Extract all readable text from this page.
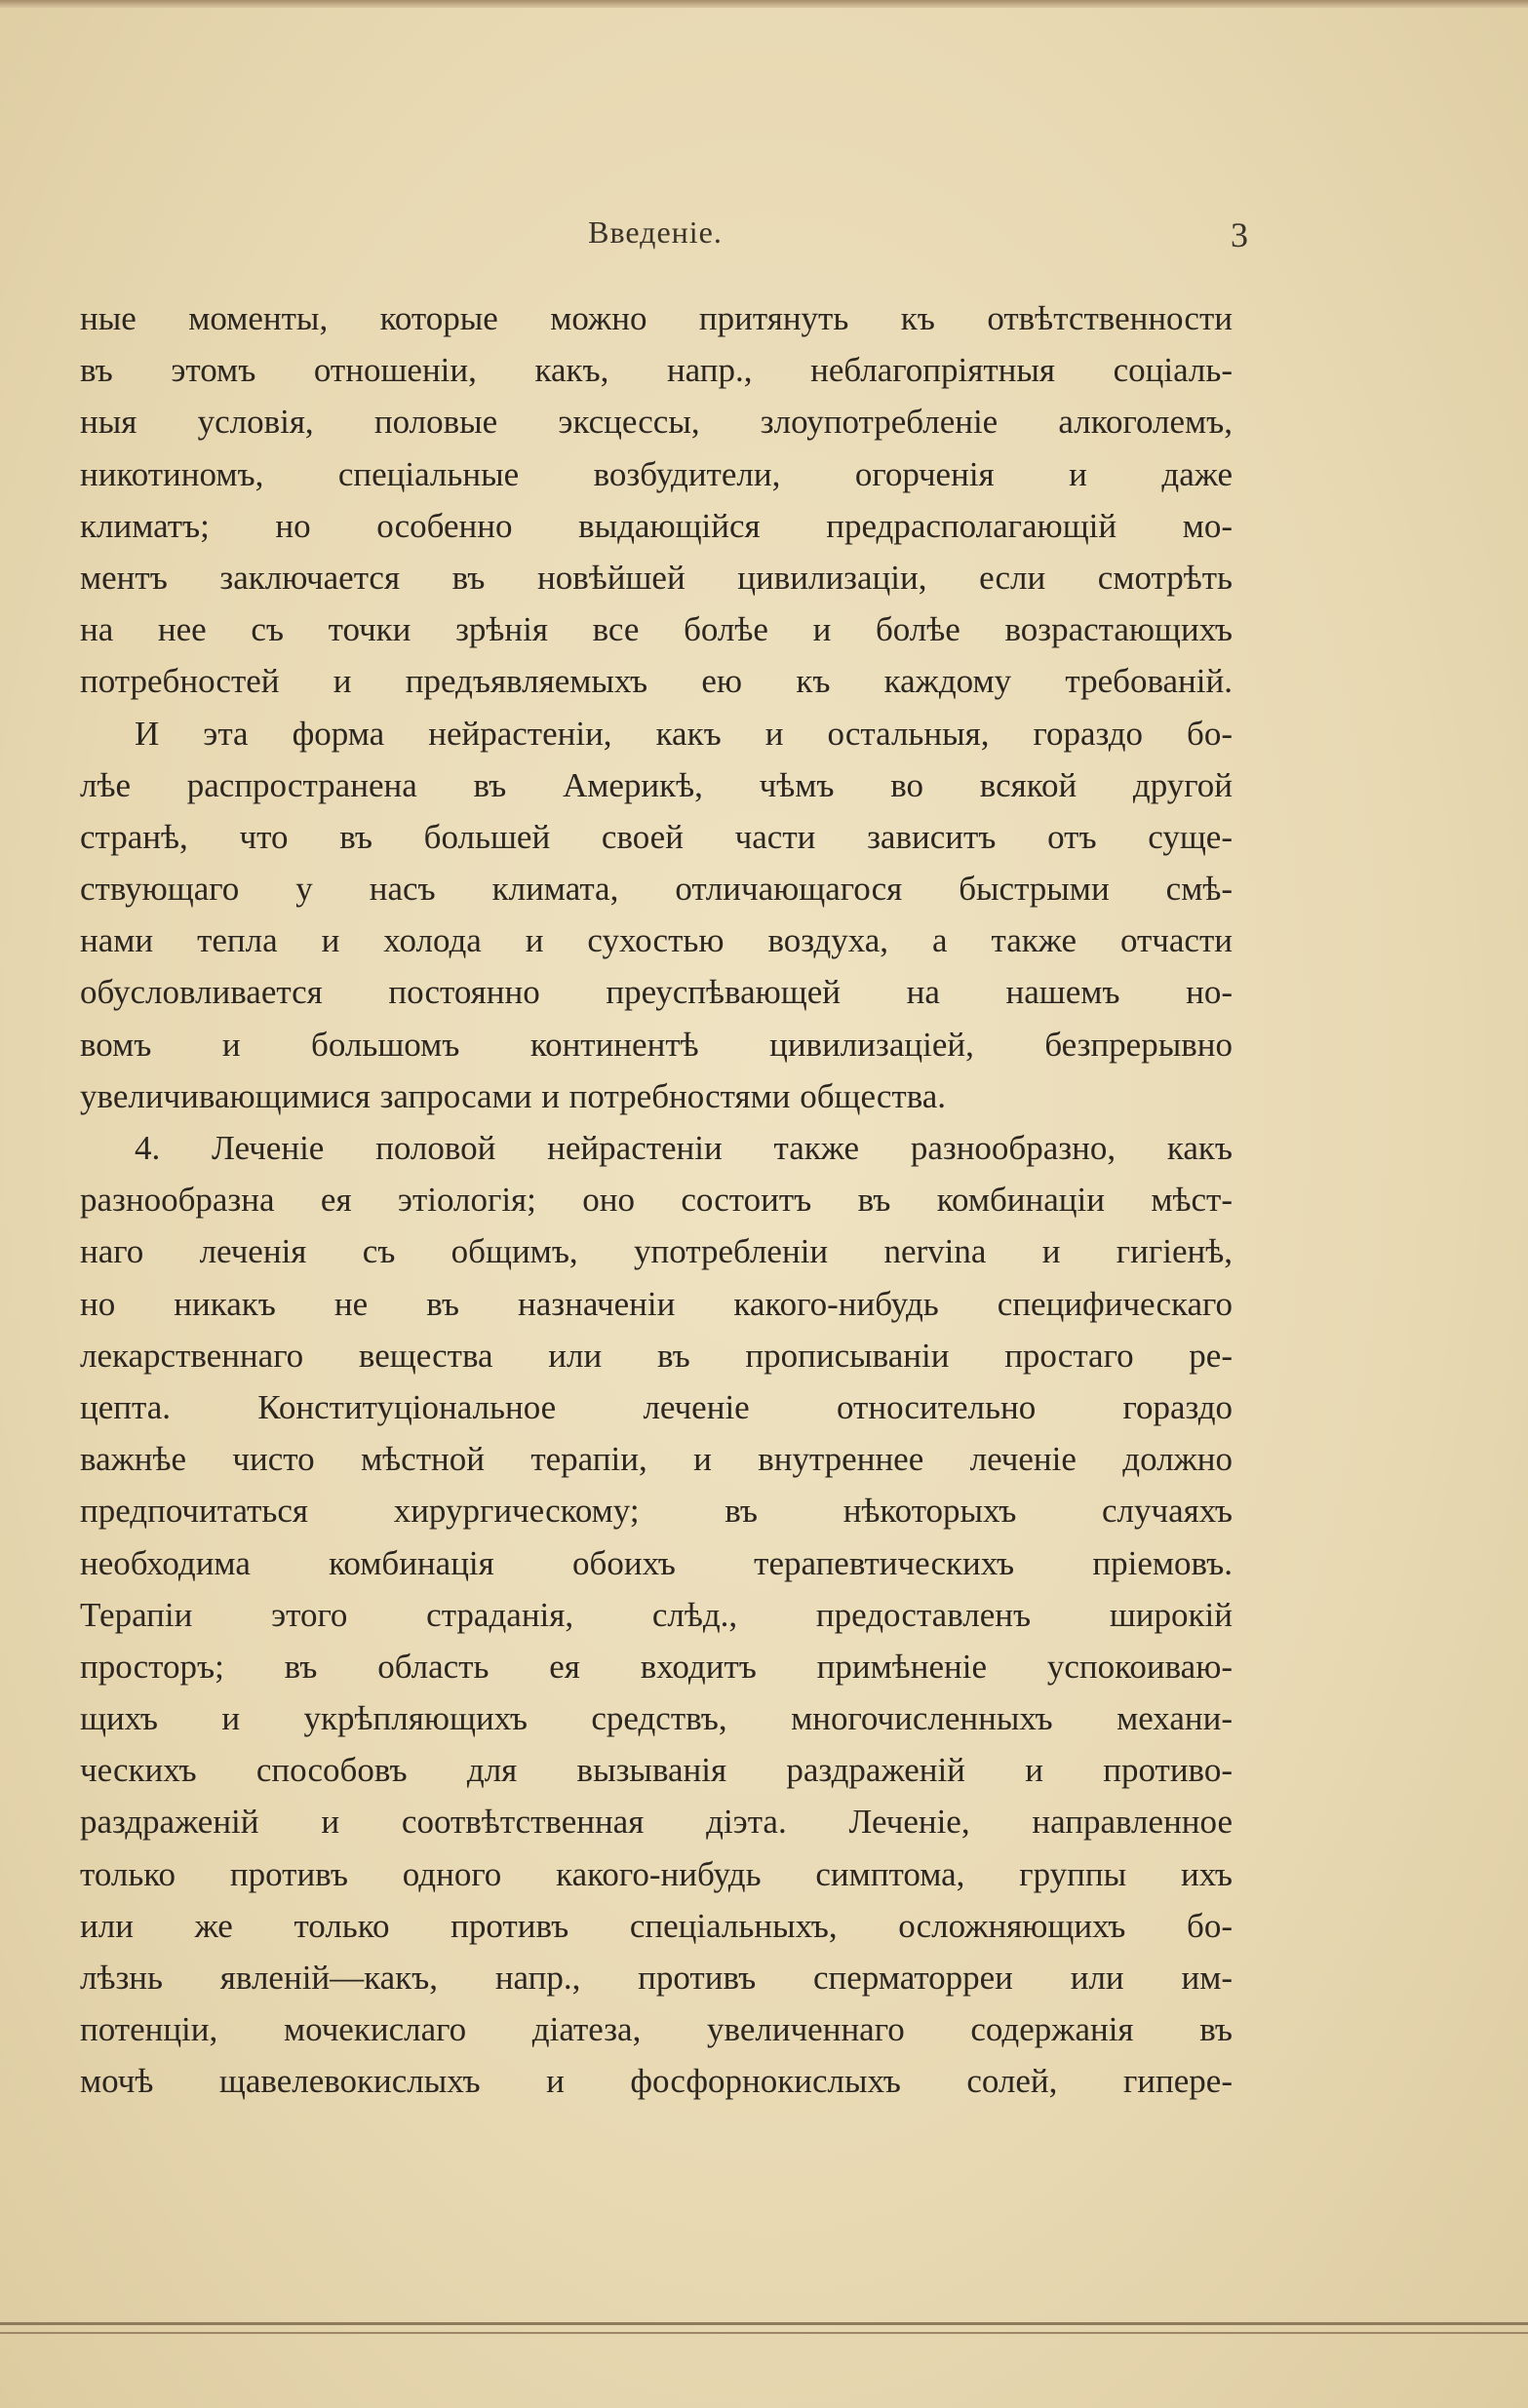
Введеніе.	3
ные моменты, которые можно притянуть къ отвѣтственности
въ этомъ отношеніи, какъ, напр., неблагопріятныя соціаль-
ныя условія, половые эксцессы, злоупотребленіе алкоголемъ,
никотиномъ, спеціальные возбудители, огорченія и даже
климатъ; но особенно выдающійся предрасполагающій мо-
ментъ заключается въ новѣйшей цивилизаціи, если смотрѣть
на нее съ точки зрѣнія все болѣе и болѣе возрастающихъ
потребностей и предъявляемыхъ ею къ каждому требованій.
И эта форма нейрастеніи, какъ и остальныя, гораздо бо-
лѣе распространена въ Америкѣ, чѣмъ во всякой другой
странѣ, что въ большей своей части зависитъ отъ суще-
ствующаго у насъ климата, отличающагося быстрыми смѣ-
нами тепла и холода и сухостью воздуха, а также отчасти
обусловливается постоянно преуспѣвающей на нашемъ но-
вомъ и большомъ континентѣ цивилизаціей, безпрерывно
увеличивающимися запросами и потребностями общества.
4. Леченіе половой нейрастеніи также разнообразно, какъ
разнообразна ея этіологія; оно состоитъ въ комбинаціи мѣст-
наго леченія съ общимъ, употребленіи nervina и гигіенѣ,
но никакъ не въ назначеніи какого-нибудь специфическаго
лекарственнаго вещества или въ прописываніи простаго ре-
цепта. Конституціональное леченіе относительно гораздо
важнѣе чисто мѣстной терапіи, и внутреннее леченіе должно
предпочитаться хирургическому; въ нѣкоторыхъ случаяхъ
необходима комбинація обоихъ терапевтическихъ пріемовъ.
Терапіи этого страданія, слѣд., предоставленъ широкій
просторъ; въ область ея входитъ примѣненіе успокоиваю-
щихъ и укрѣпляющихъ средствъ, многочисленныхъ механи-
ческихъ способовъ для вызыванія раздраженій и противо-
раздраженій и соотвѣтственная діэта. Леченіе, направленное
только противъ одного какого-нибудь симптома, группы ихъ
или же только противъ спеціальныхъ, осложняющихъ бо-
лѣзнь явленій—какъ, напр., противъ сперматорреи или им-
потенціи, мочекислаго діатеза, увеличеннаго содержанія въ
мочѣ щавелевокислыхъ и фосфорнокислыхъ солей, гипере-
